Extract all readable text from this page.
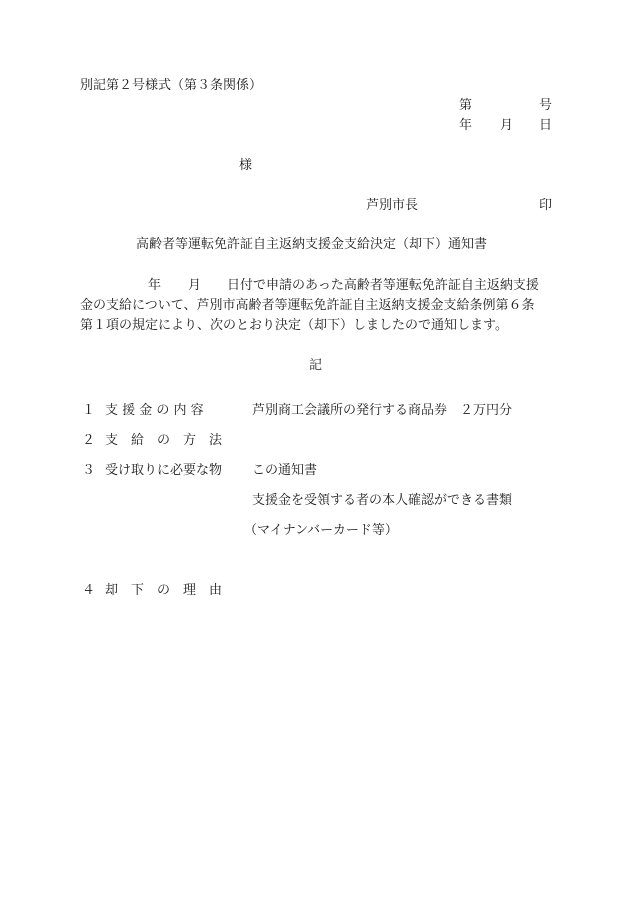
別記第２号様式（第３条関係）
第	号
年 月 日
様
芦別市長	印
高齢者等運転免許証自主返納支援金支給決定（却下）通知書
年 月 日付で申請のあった高齢者等運転免許証自主返納支援
金の支給について、芦別市高齢者等運転免許証自主返納支援金支給条例第６条
第１項の規定により、次のとおり決定（却下）しましたので通知します。
記
１ 支 援 金 の 内 容	芦別商工会議所の発行する商品券　２万円分
２ 支　給　の　方　法
３ 受け取りに必要な物 この通知書
支援金を受領する者の本人確認ができる書類
（マイナンバーカード等）
４ 却　下　の　理　由
